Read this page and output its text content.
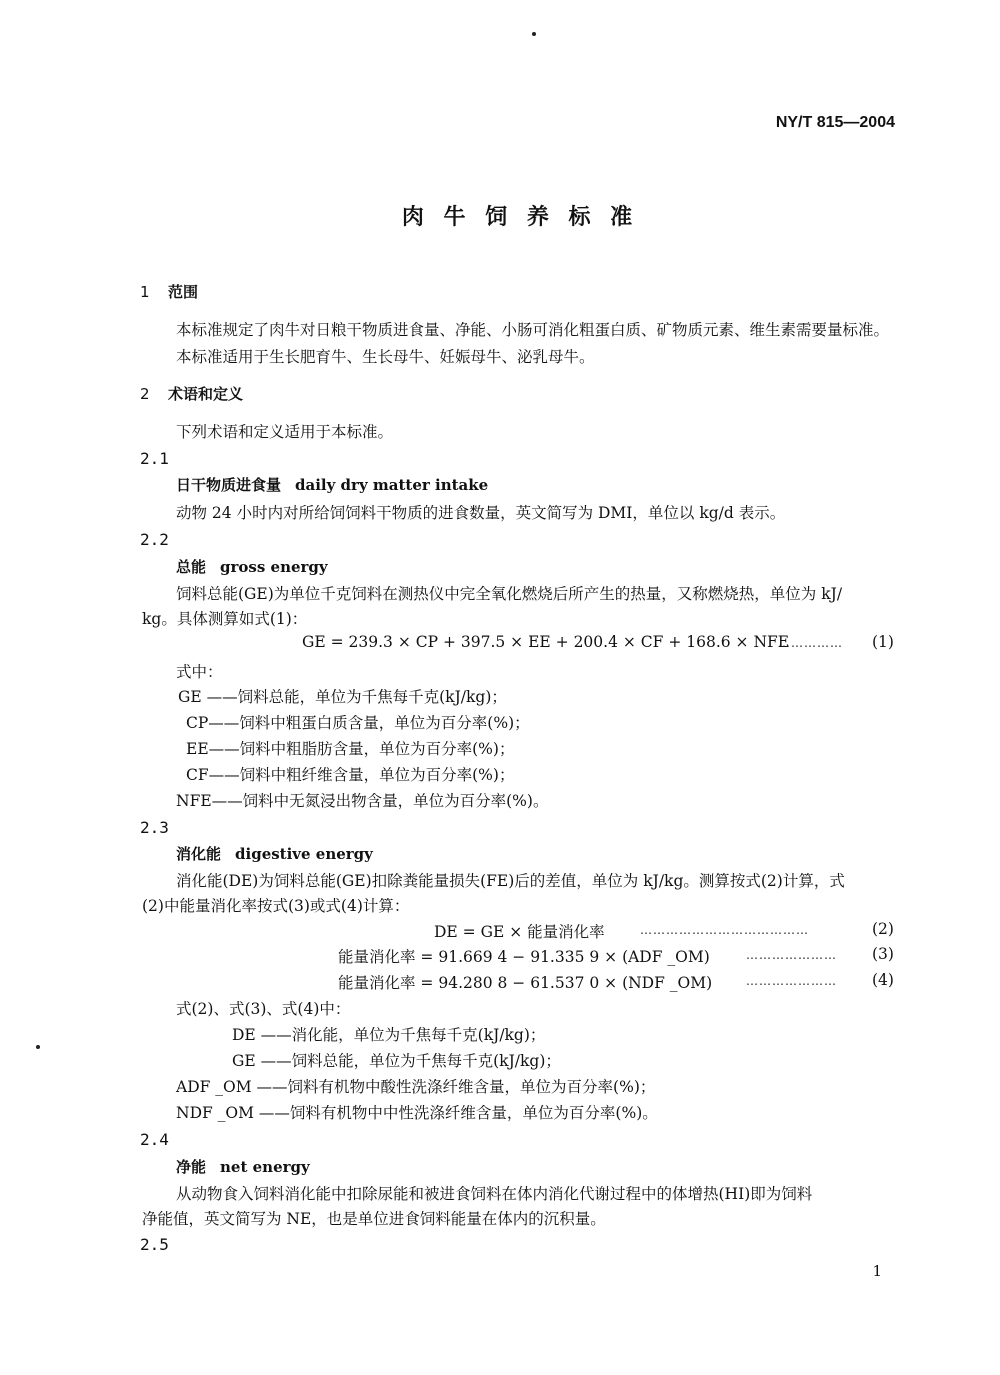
NY/T 815—2004
肉 牛 饲 养 标 准
1 范围
本标准规定了肉牛对日粮干物质进食量、净能、小肠可消化粗蛋白质、矿物质元素、维生素需要量标准。
本标准适用于生长肥育牛、生长母牛、妊娠母牛、泌乳母牛。
2 术语和定义
下列术语和定义适用于本标准。
2.1
日干物质进食量 daily dry matter intake
动物 24 小时内对所给饲饲料干物质的进食数量，英文简写为 DMI，单位以 kg/d 表示。
2.2
总能 gross energy
饲料总能(GE)为单位千克饲料在测热仪中完全氧化燃烧后所产生的热量，又称燃烧热，单位为 kJ/
kg。具体测算如式(1)：
GE = 239.3 × CP + 397.5 × EE + 200.4 × CF + 168.6 × NFE
…………… (1)
式中：
GE ——饲料总能，单位为千焦每千克(kJ/kg)；
CP——饲料中粗蛋白质含量，单位为百分率(%)；
EE——饲料中粗脂肪含量，单位为百分率(%)；
CF——饲料中粗纤维含量，单位为百分率(%)；
NFE——饲料中无氮浸出物含量，单位为百分率(%)。
2.3
消化能 digestive energy
消化能(DE)为饲料总能(GE)扣除粪能量损失(FE)后的差值，单位为 kJ/kg。测算按式(2)计算，式
(2)中能量消化率按式(3)或式(4)计算：
DE = GE × 能量消化率	…………………………………	(2)
能量消化率 = 91.669 4 − 91.335 9 × (ADF _OM)	………………… (3)
能量消化率 = 94.280 8 − 61.537 0 × (NDF _OM)	………………… (4)
式(2)、式(3)、式(4)中：
DE ——消化能，单位为千焦每千克(kJ/kg)；
GE ——饲料总能，单位为千焦每千克(kJ/kg)；
ADF _OM ——饲料有机物中酸性洗涤纤维含量，单位为百分率(%)；
NDF _OM ——饲料有机物中中性洗涤纤维含量，单位为百分率(%)。
2.4
净能 net energy
从动物食入饲料消化能中扣除尿能和被进食饲料在体内消化代谢过程中的体增热(HI)即为饲料
净能值，英文简写为 NE，也是单位进食饲料能量在体内的沉积量。
2.5
1
